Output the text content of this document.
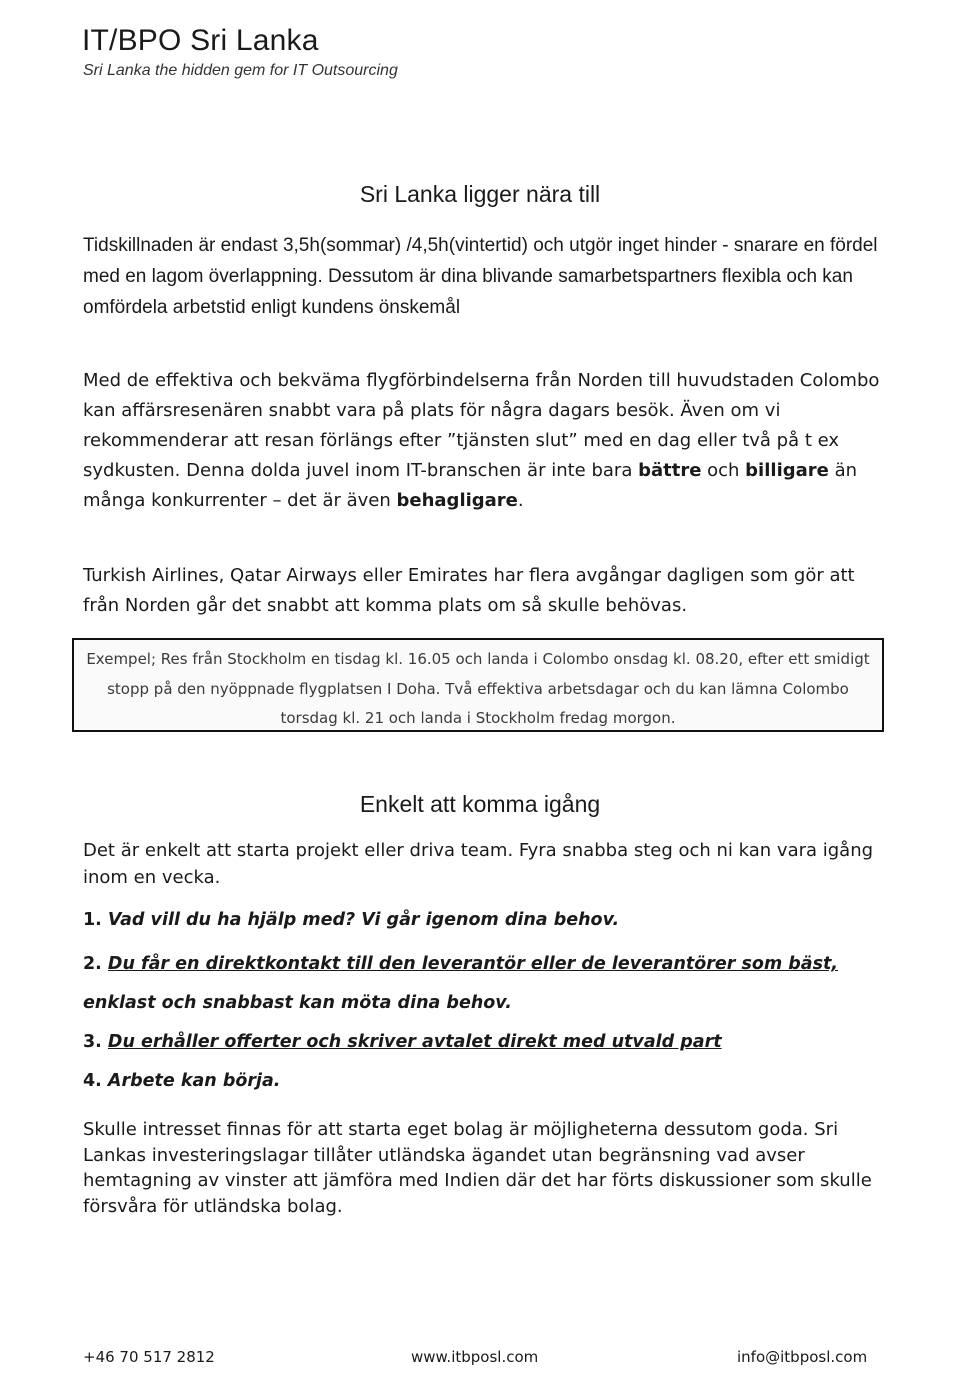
IT/BPO Sri Lanka

Sri Lanka the hidden gem for IT Outsourcing

Sri Lanka ligger nära till

Tidskillnaden är endast 3,5h(sommar) /4,5h(vintertid) och utgör inget hinder - snarare en fördel med en lagom överlappning. Dessutom är dina blivande samarbetspartners flexibla och kan omfördela arbetstid enligt kundens önskemål

Med de effektiva och bekväma flygförbindelserna från Norden till huvudstaden Colombo kan affärsresenären snabbt vara på plats för några dagars besök. Även om vi rekommenderar att resan förlängs efter ”tjänsten slut” med en dag eller två på t ex sydkusten. Denna dolda juvel inom IT-branschen är inte bara bättre och billigare än många konkurrenter – det är även behagligare.

Turkish Airlines, Qatar Airways eller Emirates har flera avgångar dagligen som gör att från Norden går det snabbt att komma plats om så skulle behövas.

Exempel; Res från Stockholm en tisdag kl. 16.05 och landa i Colombo onsdag kl. 08.20, efter ett smidigt stopp på den nyöppnade flygplatsen I Doha. Två effektiva arbetsdagar och du kan lämna Colombo torsdag kl. 21 och landa i Stockholm fredag morgon.
Enkelt att komma igång

Det är enkelt att starta projekt eller driva team. Fyra snabba steg och ni kan vara igång inom en vecka.

1. Vad vill du ha hjälp med? Vi går igenom dina behov.
2. Du får en direktkontakt till den leverantör eller de leverantörer som bäst,
enklast och snabbast kan möta dina behov.
3. Du erhåller offerter och skriver avtalet direkt med utvald part
4. Arbete kan börja.

Skulle intresset finnas för att starta eget bolag är möjligheterna dessutom goda. Sri Lankas investeringslagar tillåter utländska ägandet utan begränsning vad avser hemtagning av vinster att jämföra med Indien där det har förts diskussioner som skulle försvåra för utländska bolag.

+46 70 517 2812	www.itbposl.com	info@itbposl.com
